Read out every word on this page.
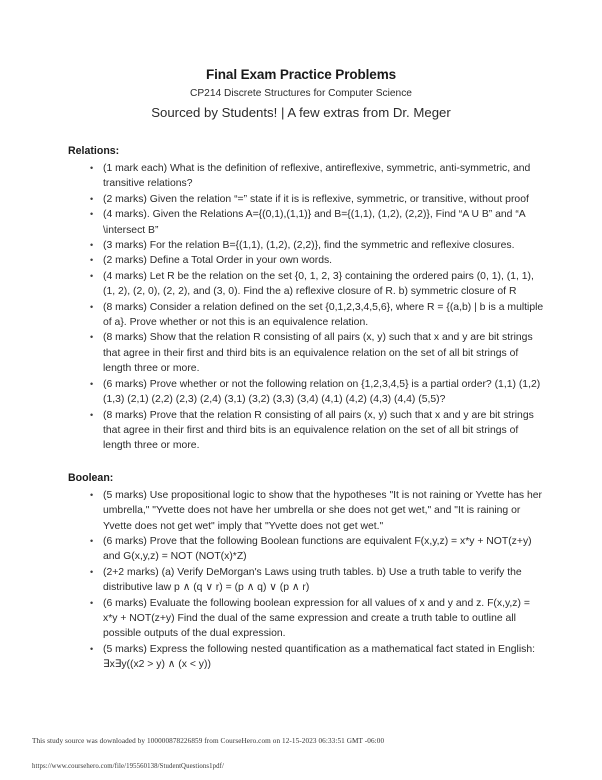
Final Exam Practice Problems
CP214 Discrete Structures for Computer Science
Sourced by Students! | A few extras from Dr. Meger
Relations:
• (1 mark each) What is the definition of reflexive, antireflexive, symmetric, anti-symmetric, and transitive relations?
• (2 marks) Given the relation “=” state if it is is reflexive, symmetric, or transitive, without proof
• (4 marks). Given the Relations A={(0,1),(1,1)} and B={(1,1), (1,2), (2,2)}, Find “A U B” and “A \intersect B”
• (3 marks) For the relation B={(1,1), (1,2), (2,2)}, find the symmetric and reflexive closures.
• (2 marks) Define a Total Order in your own words.
• (4 marks) Let R be the relation on the set {0, 1, 2, 3} containing the ordered pairs (0, 1), (1, 1), (1, 2), (2, 0), (2, 2), and (3, 0). Find the a) reflexive closure of R. b) symmetric closure of R
• (8 marks) Consider a relation defined on the set {0,1,2,3,4,5,6}, where R = {(a,b) | b is a multiple of a}. Prove whether or not this is an equivalence relation.
• (8 marks) Show that the relation R consisting of all pairs (x, y) such that x and y are bit strings that agree in their first and third bits is an equivalence relation on the set of all bit strings of length three or more.
• (6 marks) Prove whether or not the following relation on {1,2,3,4,5} is a partial order? (1,1) (1,2) (1,3) (2,1) (2,2) (2,3) (2,4) (3,1) (3,2) (3,3) (3,4) (4,1) (4,2) (4,3) (4,4) (5,5)?
• (8 marks) Prove that the relation R consisting of all pairs (x, y) such that x and y are bit strings that agree in their first and third bits is an equivalence relation on the set of all bit strings of length three or more.
Boolean:
• (5 marks) Use propositional logic to show that the hypotheses "It is not raining or Yvette has her umbrella," "Yvette does not have her umbrella or she does not get wet," and "It is raining or Yvette does not get wet" imply that "Yvette does not get wet."
• (6 marks) Prove that the following Boolean functions are equivalent F(x,y,z) = x*y + NOT(z+y) and G(x,y,z) = NOT (NOT(x)*Z)
• (2+2 marks) (a) Verify DeMorgan's Laws using truth tables. b) Use a truth table to verify the distributive law p ∧ (q ∨ r) = (p ∧ q) ∨ (p ∧ r)
• (6 marks) Evaluate the following boolean expression for all values of x and y and z. F(x,y,z) = x*y + NOT(z+y) Find the dual of the same expression and create a truth table to outline all possible outputs of the dual expression.
• (5 marks) Express the following nested quantification as a mathematical fact stated in English: ∃x∃y((x2 > y) ∧ (x < y))
This study source was downloaded by 100000878226859 from CourseHero.com on 12-15-2023 06:33:51 GMT -06:00
https://www.coursehero.com/file/195560138/StudentQuestions1pdf/
